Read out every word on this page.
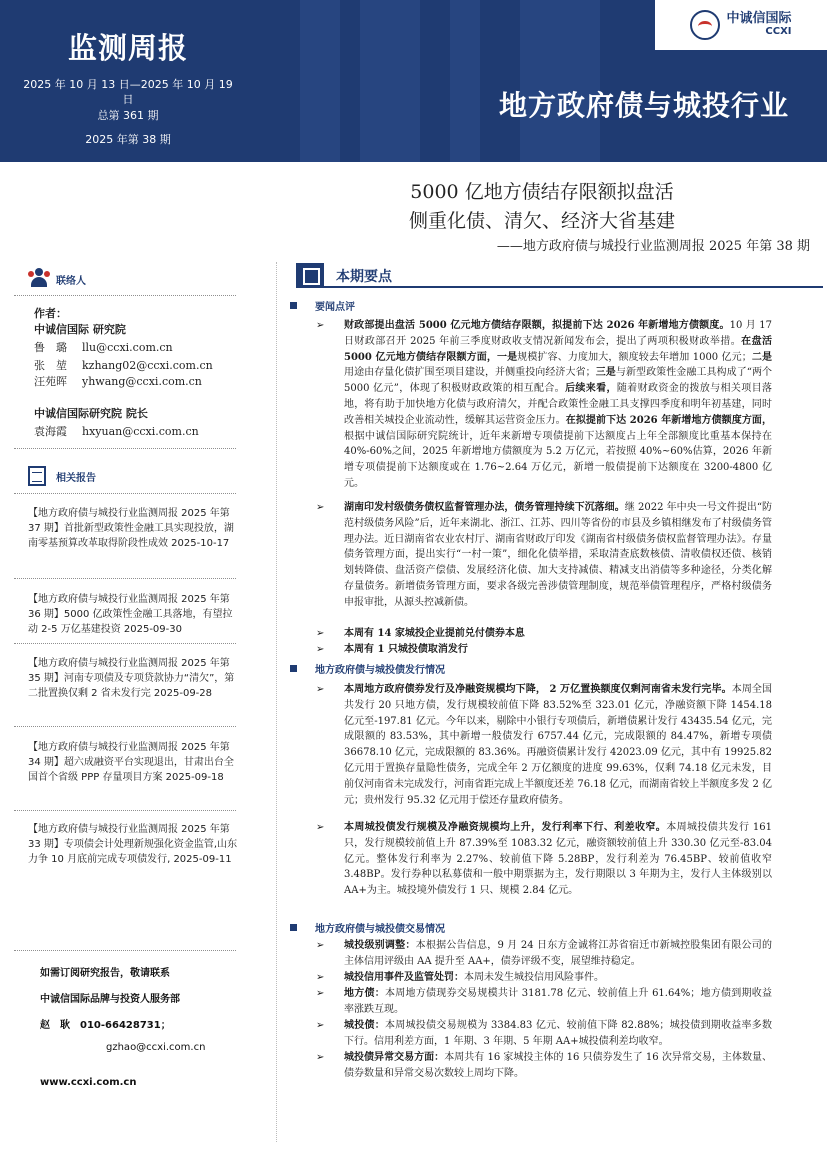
监测周报
2025 年 10 月 13 日—2025 年 10 月 19 日
总第 361 期
2025 年第 38 期
中诚信国际
CCXI
地方政府债与城投行业
5000 亿地方债结存限额拟盘活
侧重化债、清欠、经济大省基建
——地方政府债与城投行业监测周报 2025 年第 38 期
联络人
作者：
中诚信国际 研究院
鲁　璐 llu@ccxi.com.cn
张　堃 kzhang02@ccxi.com.cn
汪苑晖 yhwang@ccxi.com.cn
中诚信国际研究院 院长
袁海霞 hxyuan@ccxi.com.cn
相关报告
【地方政府债与城投行业监测周报 2025 年第 37 期】首批新型政策性金融工具实现投放，湖南零基预算改革取得阶段性成效 2025-10-17
【地方政府债与城投行业监测周报 2025 年第 36 期】5000 亿政策性金融工具落地，有望拉动 2-5 万亿基建投资 2025-09-30
【地方政府债与城投行业监测周报 2025 年第 35 期】河南专项债及专项贷款协力“清欠”，第二批置换仅剩 2 省未发行完 2025-09-28
【地方政府债与城投行业监测周报 2025 年第 34 期】超六成融资平台实现退出，甘肃出台全国首个省级 PPP 存量项目方案 2025-09-18
【地方政府债与城投行业监测周报 2025 年第 33 期】专项债会计处理新规强化资金监管,山东力争 10 月底前完成专项债发行, 2025-09-11
如需订阅研究报告，敬请联系
中诚信国际品牌与投资人服务部
赵　耿　 010-66428731；
gzhao@ccxi.com.cn
www.ccxi.com.cn
本期要点
要闻点评
➢ 财政部提出盘活 5000 亿元地方债结存限额，拟提前下达 2026 年新增地方债额度。10 月 17 日财政部召开 2025 年前三季度财政收支情况新闻发布会，提出了两项积极财政举措。在盘活 5000 亿元地方债结存限额方面，一是规模扩容、力度加大，额度较去年增加 1000 亿元；二是用途由存量化债扩围至项目建设，并侧重投向经济大省；三是与新型政策性金融工具构成了“两个 5000 亿元”，体现了积极财政政策的相互配合。后续来看，随着财政资金的拨放与相关项目落地，将有助于加快地方化债与政府清欠，并配合政策性金融工具支撑四季度和明年初基建，同时改善相关城投企业流动性，缓解其运营资金压力。在拟提前下达 2026 年新增地方债额度方面，根据中诚信国际研究院统计，近年来新增专项债提前下达额度占上年全部额度比重基本保持在 40%-60%之间，2025 年新增地方债额度为 5.2 万亿元，若按照 40%~60%估算，2026 年新增专项债提前下达额度或在 1.76~2.64 万亿元，新增一般债提前下达额度在 3200-4800 亿元。
➢ 湖南印发村级债务债权监督管理办法，债务管理持续下沉落细。继 2022 年中央一号文件提出“防范村级债务风险”后，近年来湖北、浙江、江苏、四川等省份的市县及乡镇相继发布了村级债务管理办法。近日湖南省农业农村厅、湖南省财政厅印发《湖南省村级债务债权监督管理办法》。存量债务管理方面，提出实行“一村一策”，细化化债举措，采取清查底数核债、清收债权还债、核销划转降债、盘活资产偿债、发展经济化债、加大支持减债、精减支出消债等多种途径，分类化解存量债务。新增债务管理方面，要求各级完善涉债管理制度，规范举债管理程序，严格村级债务申报审批，从源头控减新债。
➢ 本周有 14 家城投企业提前兑付债券本息
➢ 本周有 1 只城投债取消发行
地方政府债与城投债发行情况
➢ 本周地方政府债券发行及净融资规模均下降， 2 万亿置换额度仅剩河南省未发行完毕。本周全国共发行 20 只地方债，发行规模较前值下降 83.52%至 323.01 亿元，净融资额下降 1454.18 亿元至-197.81 亿元。今年以来，剔除中小银行专项债后，新增债累计发行 43435.54 亿元，完成限额的 83.53%，其中新增一般债发行 6757.44 亿元，完成限额的 84.47%，新增专项债 36678.10 亿元，完成限额的 83.36%。再融资债累计发行 42023.09 亿元，其中有 19925.82 亿元用于置换存量隐性债务，完成全年 2 万亿额度的进度 99.63%，仅剩 74.18 亿元未发，目前仅河南省未完成发行，河南省距完成上半额度还差 76.18 亿元，而湖南省较上半额度多发 2 亿元；贵州发行 95.32 亿元用于偿还存量政府债务。
➢ 本周城投债发行规模及净融资规模均上升，发行利率下行、利差收窄。本周城投债共发行 161 只，发行规模较前值上升 87.39%至 1083.32 亿元，融资额较前值上升 330.30 亿元至-83.04 亿元。整体发行利率为 2.27%、较前值下降 5.28BP，发行利差为 76.45BP、较前值收窄 3.48BP。发行券种以私募债和一般中期票据为主，发行期限以 3 年期为主，发行人主体级别以 AA+为主。城投境外债发行 1 只、规模 2.84 亿元。
地方政府债与城投债交易情况
➢ 城投级别调整：本根据公告信息，9 月 24 日东方金诚将江苏省宿迁市新城控股集团有限公司的主体信用评级由 AA 提升至 AA+，债券评级不变，展望维持稳定。
➢ 城投信用事件及监管处罚：本周未发生城投信用风险事件。
➢ 地方债：本周地方债现券交易规模共计 3181.78 亿元、较前值上升 61.64%；地方债到期收益率涨跌互现。
➢ 城投债：本周城投债交易规模为 3384.83 亿元、较前值下降 82.88%；城投债到期收益率多数下行。信用利差方面，1 年期、3 年期、5 年期 AA+城投债利差均收窄。
➢ 城投债异常交易方面：本周共有 16 家城投主体的 16 只债券发生了 16 次异常交易，主体数量、债券数量和异常交易次数较上周均下降。
